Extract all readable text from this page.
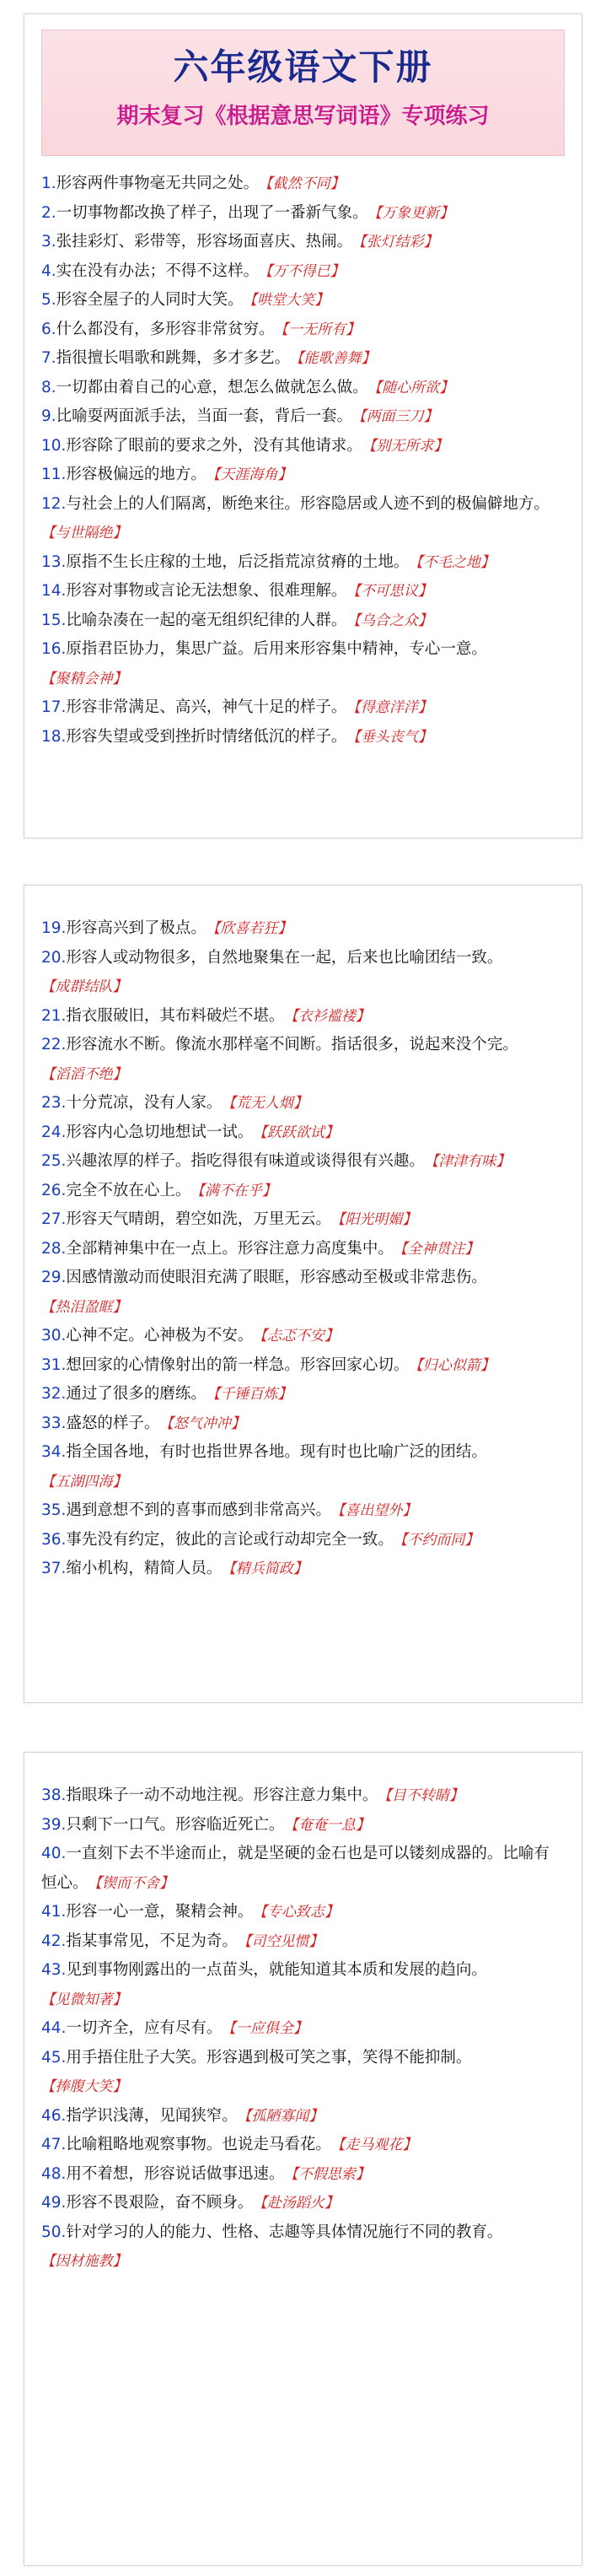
六年级语文下册
期末复习《根据意思写词语》专项练习
1.形容两件事物毫无共同之处。 【截然不同】
2.一切事物都改换了样子，出现了一番新气象。 【万象更新】
3.张挂彩灯、彩带等，形容场面喜庆、热闹。 【张灯结彩】
4.实在没有办法；不得不这样。 【万不得已】
5.形容全屋子的人同时大笑。 【哄堂大笑】
6.什么都没有，多形容非常贫穷。 【一无所有】
7.指很擅长唱歌和跳舞，多才多艺。 【能歌善舞】
8.一切都由着自己的心意，想怎么做就怎么做。 【随心所欲】
9.比喻耍两面派手法，当面一套，背后一套。 【两面三刀】
10.形容除了眼前的要求之外，没有其他请求。 【别无所求】
11.形容极偏远的地方。 【天涯海角】
12.与社会上的人们隔离，断绝来往。形容隐居或人迹不到的极偏僻地方。【与世隔绝】
13.原指不生长庄稼的土地，后泛指荒凉贫瘠的土地。 【不毛之地】
14.形容对事物或言论无法想象、很难理解。 【不可思议】
15.比喻杂凑在一起的毫无组织纪律的人群。 【乌合之众】
16.原指君臣协力，集思广益。后用来形容集中精神，专心一意。【聚精会神】
17.形容非常满足、高兴，神气十足的样子。 【得意洋洋】
18.形容失望或受到挫折时情绪低沉的样子。 【垂头丧气】
19.形容高兴到了极点。 【欣喜若狂】
20.形容人或动物很多，自然地聚集在一起，后来也比喻团结一致。【成群结队】
21.指衣服破旧，其布料破烂不堪。 【衣衫褴褛】
22.形容流水不断。像流水那样毫不间断。指话很多，说起来没个完。【滔滔不绝】
23.十分荒凉，没有人家。 【荒无人烟】
24.形容内心急切地想试一试。 【跃跃欲试】
25.兴趣浓厚的样子。指吃得很有味道或谈得很有兴趣。 【津津有味】
26.完全不放在心上。 【满不在乎】
27.形容天气晴朗，碧空如洗，万里无云。 【阳光明媚】
28.全部精神集中在一点上。形容注意力高度集中。 【全神贯注】
29.因感情激动而使眼泪充满了眼眶，形容感动至极或非常悲伤。【热泪盈眶】
30.心神不定。心神极为不安。 【忐忑不安】
31.想回家的心情像射出的箭一样急。形容回家心切。 【归心似箭】
32.通过了很多的磨练。 【千锤百炼】
33.盛怒的样子。 【怒气冲冲】
34.指全国各地，有时也指世界各地。现有时也比喻广泛的团结。【五湖四海】
35.遇到意想不到的喜事而感到非常高兴。 【喜出望外】
36.事先没有约定，彼此的言论或行动却完全一致。 【不约而同】
37.缩小机构，精简人员。 【精兵简政】
38.指眼珠子一动不动地注视。形容注意力集中。 【目不转睛】
39.只剩下一口气。形容临近死亡。 【奄奄一息】
40.一直刻下去不半途而止，就是坚硬的金石也是可以镂刻成器的。比喻有恒心。 【锲而不舍】
41.形容一心一意，聚精会神。 【专心致志】
42.指某事常见，不足为奇。 【司空见惯】
43.见到事物刚露出的一点苗头，就能知道其本质和发展的趋向。【见微知著】
44.一切齐全，应有尽有。 【一应俱全】
45.用手捂住肚子大笑。形容遇到极可笑之事，笑得不能抑制。【捧腹大笑】
46.指学识浅薄，见闻狭窄。 【孤陋寡闻】
47.比喻粗略地观察事物。也说走马看花。 【走马观花】
48.用不着想，形容说话做事迅速。 【不假思索】
49.形容不畏艰险，奋不顾身。 【赴汤蹈火】
50.针对学习的人的能力、性格、志趣等具体情况施行不同的教育。【因材施教】
